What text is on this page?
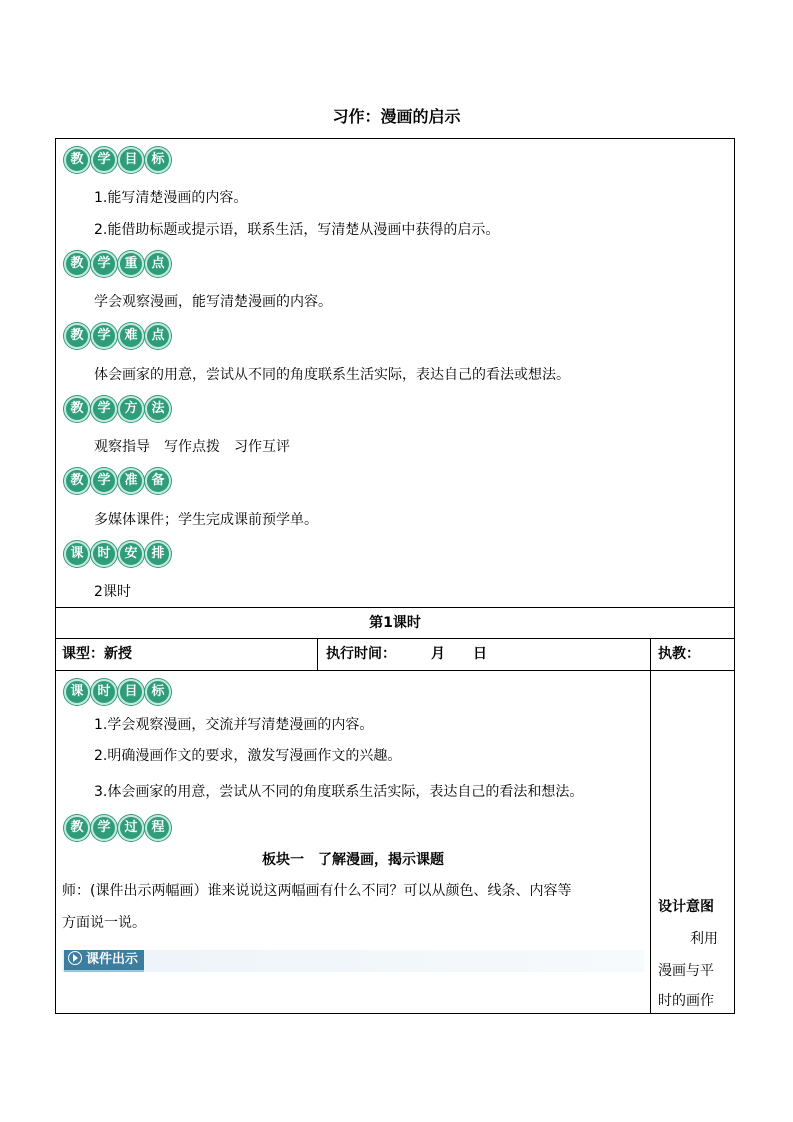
习作：漫画的启示
教	学	目	标
1.能写清楚漫画的内容。
2.能借助标题或提示语，联系生活，写清楚从漫画中获得的启示。
教	学	重	点
学会观察漫画，能写清楚漫画的内容。
教	学	难	点
体会画家的用意，尝试从不同的角度联系生活实际，表达自己的看法或想法。
教	学	方	法
观察指导　写作点拨　习作互评
教	学	准	备
多媒体课件；学生完成课前预学单。
课	时	安	排
2课时
第1课时
课型：新授	执行时间：　　　月　　日	执教：
课	时	目	标
1.学会观察漫画，交流并写清楚漫画的内容。
2.明确漫画作文的要求，激发写漫画作文的兴趣。
3.体会画家的用意，尝试从不同的角度联系生活实际，表达自己的看法和想法。
教	学	过	程
板块一　了解漫画，揭示课题
师：(课件出示两幅画）谁来说说这两幅画有什么不同？可以从颜色、线条、内容等
方面说一说。
课件出示
设计意图
利用
漫画与平
时的画作
